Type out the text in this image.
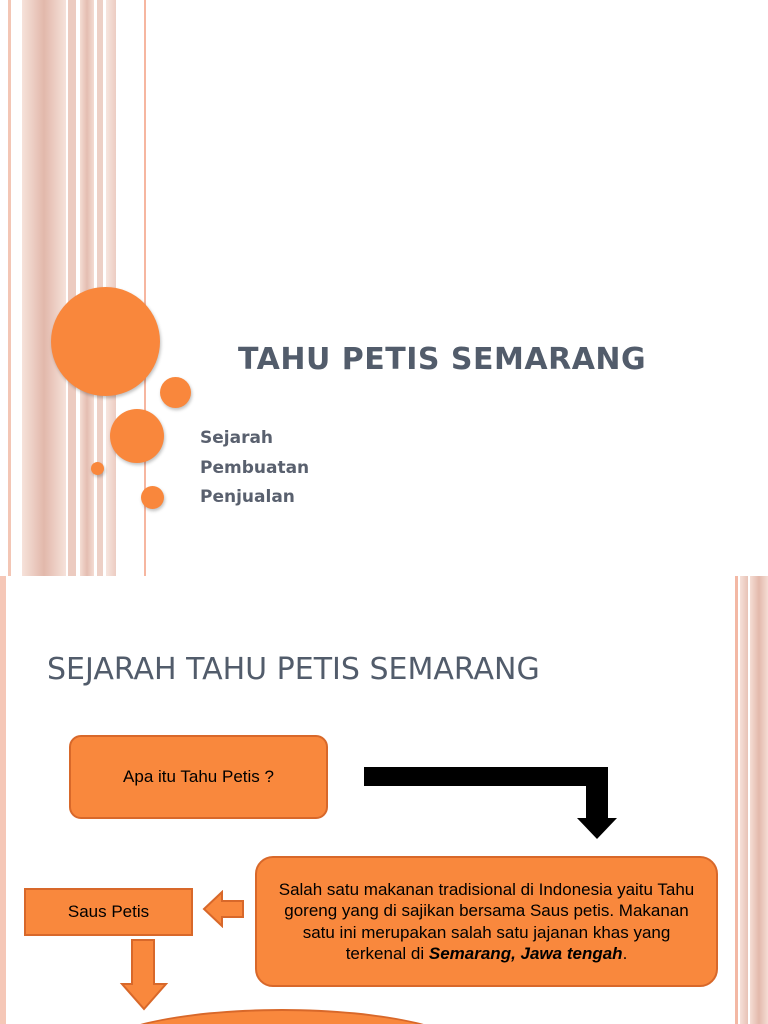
TAHU PETIS SEMARANG
Sejarah
Pembuatan
Penjualan
SEJARAH TAHU PETIS SEMARANG
Apa itu Tahu Petis ?
Salah satu makanan tradisional di Indonesia yaitu Tahu goreng yang di sajikan bersama Saus petis. Makanan satu ini merupakan salah satu jajanan khas yang terkenal di Semarang, Jawa tengah.
Saus Petis
